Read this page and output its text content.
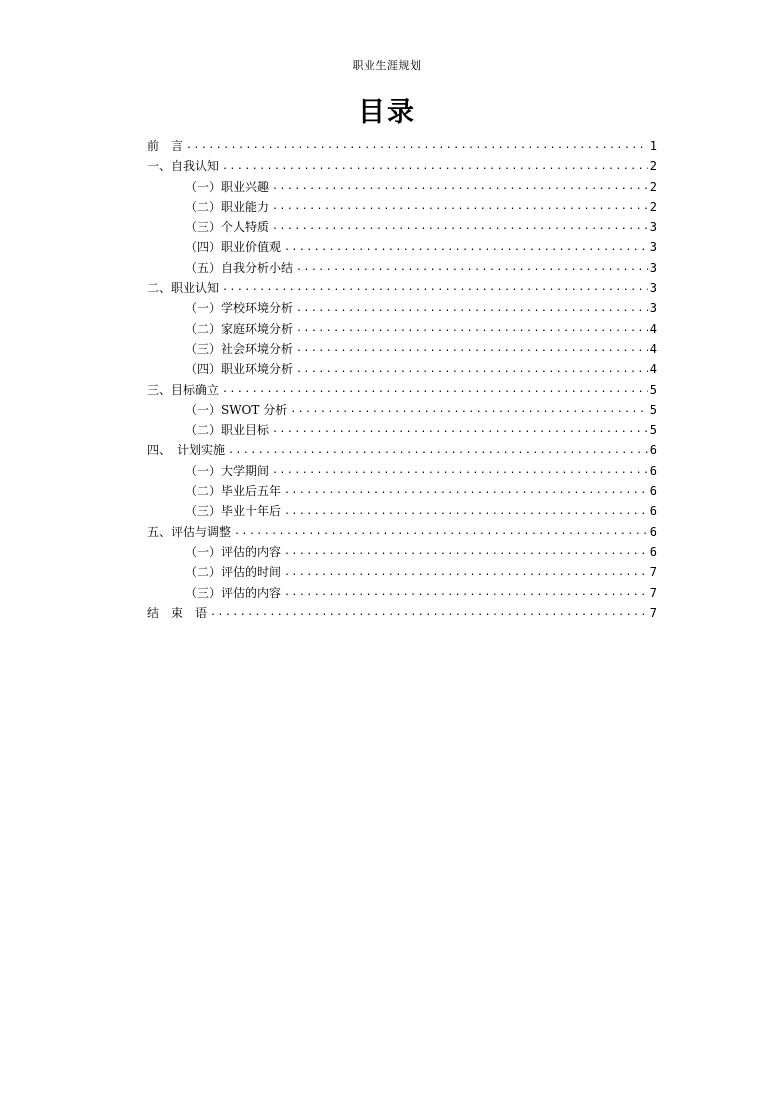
职业生涯规划
目录
前　言 .....	1
一、自我认知 .....	2
（一）职业兴趣 .....	2
（二）职业能力 .....	2
（三）个人特质 .....	3
（四）职业价值观 .....	3
（五）自我分析小结 .....	3
二、职业认知 .....	3
（一）学校环境分析 .....	3
（二）家庭环境分析 .....	4
（三）社会环境分析 .....	4
（四）职业环境分析 .....	4
三、目标确立 .....	5
（一）SWOT 分析 .....	5
（二）职业目标 .....	5
四、　计划实施 .....	6
（一）大学期间 .....	6
（二）毕业后五年 .....	6
（三）毕业十年后 .....	6
五、评估与调整 .....	6
（一）评估的内容 .....	6
（二）评估的时间 .....	7
（三）评估的内容 .....	7
结　束　语 .....	7
